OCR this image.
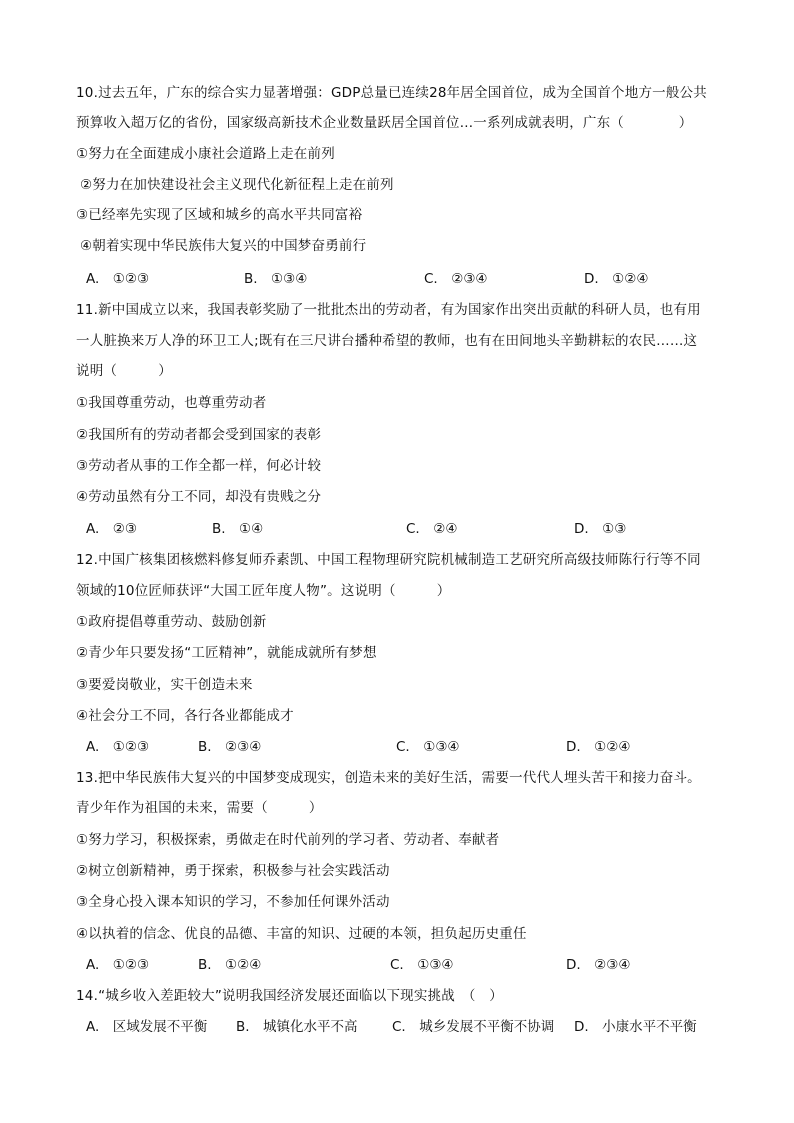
10.过去五年，广东的综合实力显著增强：GDP总量已连续28年居全国首位，成为全国首个地方一般公共
预算收入超万亿的省份，国家级高新技术企业数量跃居全国首位…一系列成就表明，广东（　　　　）
①努力在全面建成小康社会道路上走在前列
②努力在加快建设社会主义现代化新征程上走在前列
③已经率先实现了区域和城乡的高水平共同富裕
④朝着实现中华民族伟大复兴的中国梦奋勇前行
A.　①②③	B.　①③④	C.　②③④	D.　①②④
11.新中国成立以来，我国表彰奖励了一批批杰出的劳动者，有为国家作出突出贡献的科研人员，也有用
一人脏换来万人净的环卫工人;既有在三尺讲台播种希望的教师，也有在田间地头辛勤耕耘的农民……这
说明（　　　）
①我国尊重劳动，也尊重劳动者
②我国所有的劳动者都会受到国家的表彰
③劳动者从事的工作全都一样，何必计较
④劳动虽然有分工不同，却没有贵贱之分
A.　②③	B.　①④	C.　②④	D.　①③
12.中国广核集团核燃料修复师乔素凯、中国工程物理研究院机械制造工艺研究所高级技师陈行行等不同
领域的10位匠师获评“大国工匠年度人物”。这说明（　　　）
①政府提倡尊重劳动、鼓励创新
②青少年只要发扬“工匠精神”，就能成就所有梦想
③要爱岗敬业，实干创造未来
④社会分工不同，各行各业都能成才
A.　①②③	B.　②③④	C.　①③④	D.　①②④
13.把中华民族伟大复兴的中国梦变成现实，创造未来的美好生活，需要一代代人埋头苦干和接力奋斗。
青少年作为祖国的未来，需要（　　　）
①努力学习，积极探索，勇做走在时代前列的学习者、劳动者、奉献者
②树立创新精神，勇于探索，积极参与社会实践活动
③全身心投入课本知识的学习，不参加任何课外活动
④以执着的信念、优良的品德、丰富的知识、过硬的本领，担负起历史重任
A.　①②③	B.　①②④	C.　①③④	D.　②③④
14.“城乡收入差距较大”说明我国经济发展还面临以下现实挑战　（　）
A.　区域发展不平衡 B.　城镇化水平不高	C.　城乡发展不平衡不协调 D.　小康水平不平衡
